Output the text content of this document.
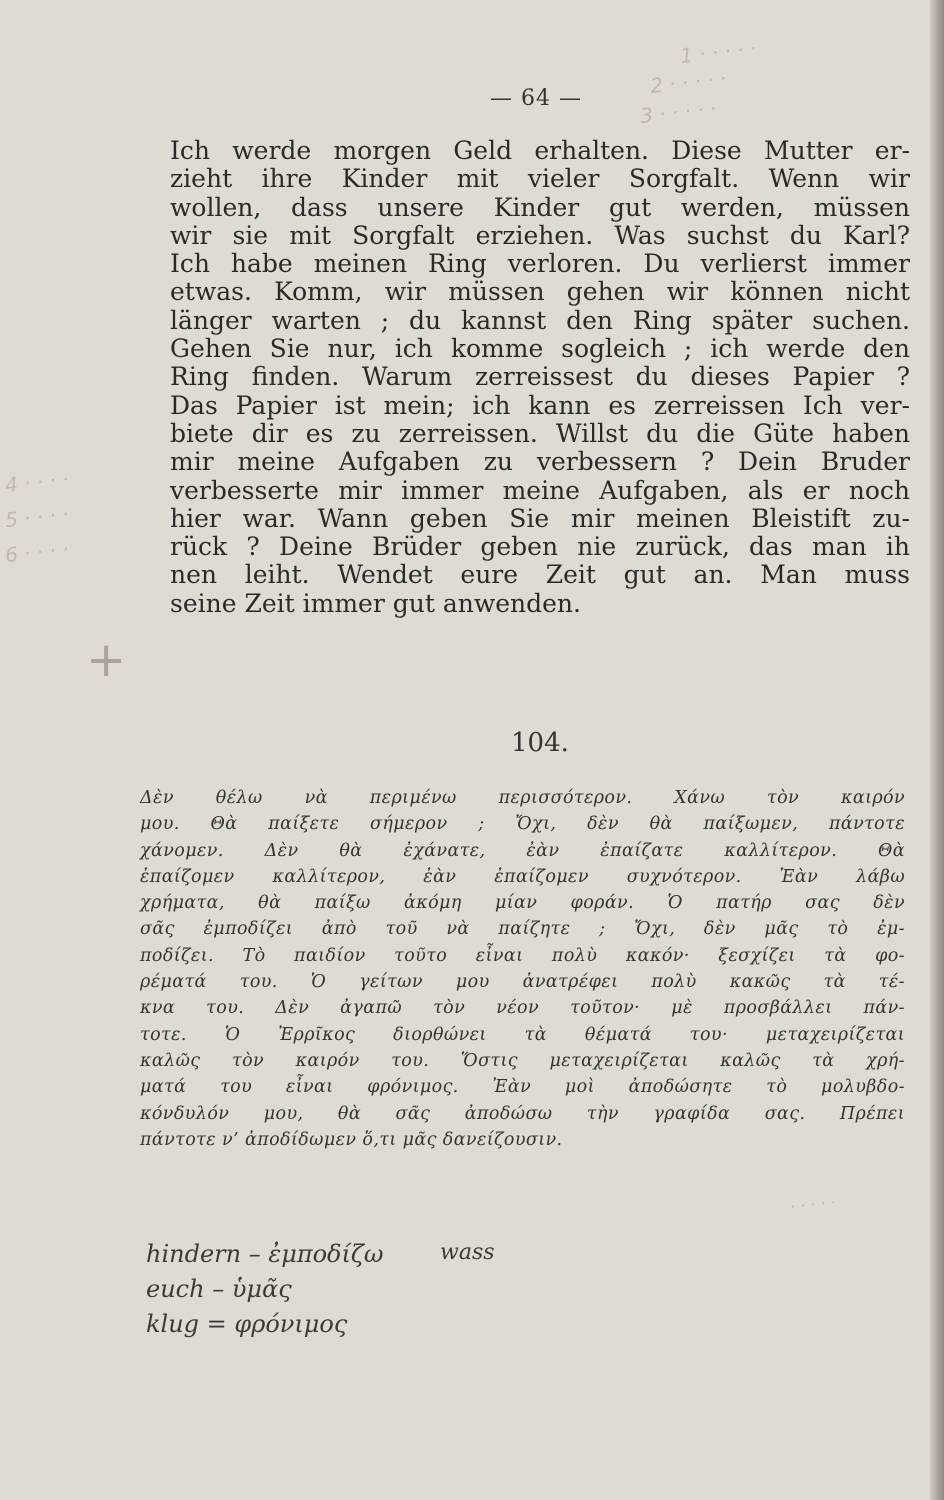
1 · · · · ·
2 · · · · ·
3 · · · · ·
4 · · · ·
5 · · · ·
6 · · · ·
+
— 64 —
Ich werde morgen Geld erhalten. Diese Mutter er-
zieht ihre Kinder mit vieler Sorgfalt. Wenn wir
wollen, dass unsere Kinder gut werden, müssen
wir sie mit Sorgfalt erziehen. Was suchst du Karl?
Ich habe meinen Ring verloren. Du verlierst immer
etwas. Komm, wir müssen gehen wir können nicht
länger warten ; du kannst den Ring später suchen.
Gehen Sie nur, ich komme sogleich ; ich werde den
Ring finden. Warum zerreissest du dieses Papier ?
Das Papier ist mein; ich kann es zerreissen Ich ver-
biete dir es zu zerreissen. Willst du die Güte haben
mir meine Aufgaben zu verbessern ? Dein Bruder
verbesserte mir immer meine Aufgaben, als er noch
hier war. Wann geben Sie mir meinen Bleistift zu-
rück ? Deine Brüder geben nie zurück, das man ih
nen leiht. Wendet eure Zeit gut an. Man muss
seine Zeit immer gut anwenden.
104.
Δὲν θέλω νὰ περιμένω περισσότερον. Χάνω τὸν καιρόν
μου. Θὰ παίξετε σήμερον ; Ὄχι, δὲν θὰ παίξωμεν, πάντοτε
χάνομεν. Δὲν θὰ ἐχάνατε, ἐὰν ἐπαίζατε καλλίτερον. Θὰ
ἐπαίζομεν καλλίτερον, ἐὰν ἐπαίζομεν συχνότερον. Ἐὰν λάβω
χρήματα, θὰ παίξω ἀκόμη μίαν φοράν. Ὁ πατήρ σας δὲν
σᾶς ἐμποδίζει ἀπὸ τοῦ νὰ παίζητε ; Ὄχι, δὲν μᾶς τὸ ἐμ-
ποδίζει. Τὸ παιδίον τοῦτο εἶναι πολὺ κακόν· ξεσχίζει τὰ φο-
ρέματά του. Ὁ γείτων μου ἀνατρέφει πολὺ κακῶς τὰ τέ-
κνα του. Δὲν ἀγαπῶ τὸν νέον τοῦτον· μὲ προσβάλλει πάν-
τοτε. Ὁ Ἐρρῖκος διορθώνει τὰ θέματά του· μεταχειρίζεται
καλῶς τὸν καιρόν του. Ὅστις μεταχειρίζεται καλῶς τὰ χρή-
ματά του εἶναι φρόνιμος. Ἐὰν μοὶ ἀποδώσητε τὸ μολυβδο-
κόνδυλόν μου, θὰ σᾶς ἀποδώσω τὴν γραφίδα σας. Πρέπει
πάντοτε ν’ ἀποδίδωμεν ὅ,τι μᾶς δανείζουσιν.
· · · · ·
hindern – ἐμποδίζω	wass
euch – ὑμᾶς
klug = φρόνιμος
